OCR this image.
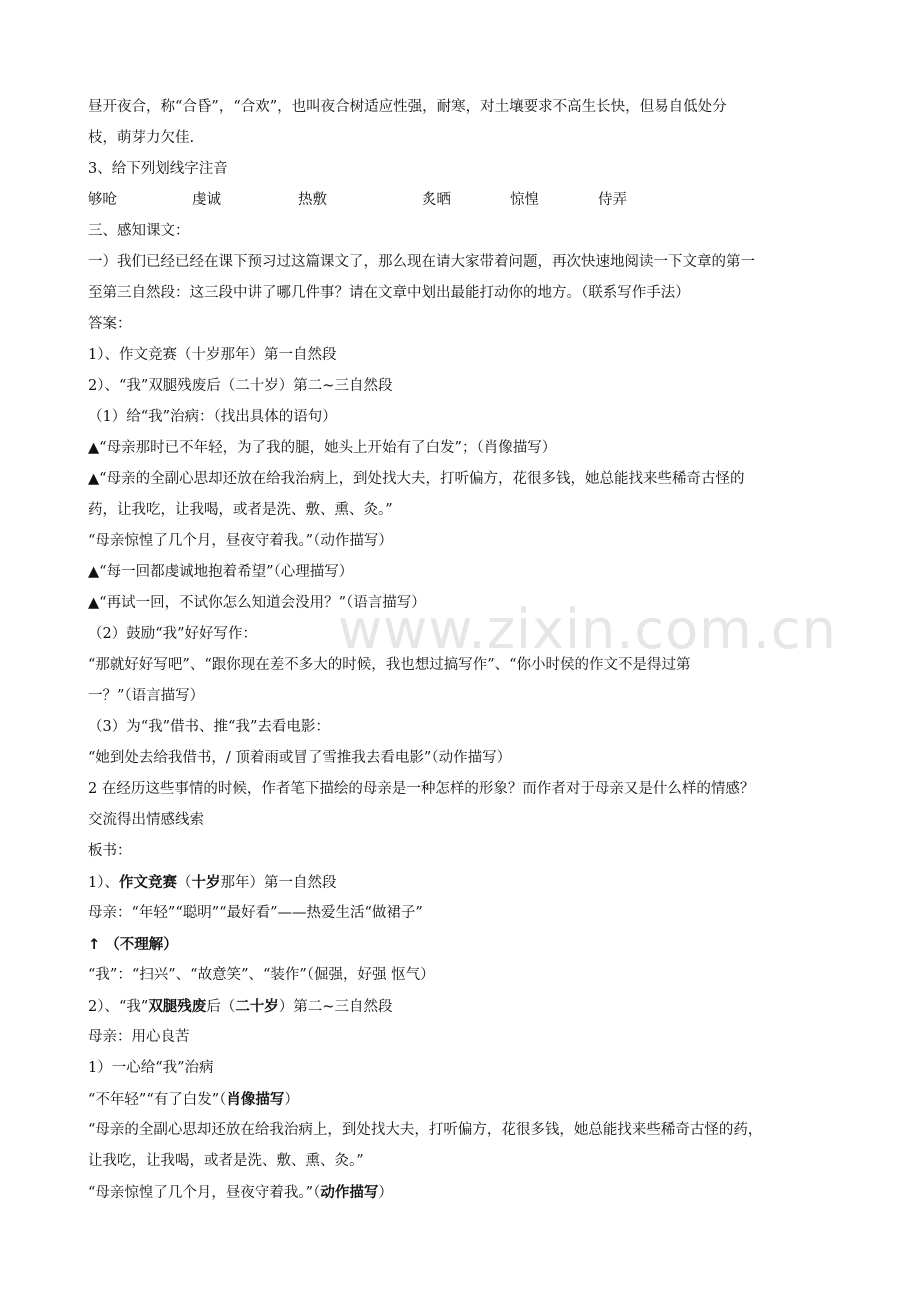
www.zixin.com.cn
昼开夜合，称“合昏”，“合欢”，也叫夜合树适应性强，耐寒，对土壤要求不高生长快，但易自低处分
枝，萌芽力欠佳.
3、给下列划线字注音
够呛	虔诚	热敷	炙晒	惊惶	侍弄
三、感知课文：
一）我们已经已经在课下预习过这篇课文了，那么现在请大家带着问题，再次快速地阅读一下文章的第一
至第三自然段：这三段中讲了哪几件事？请在文章中划出最能打动你的地方。（联系写作手法）
答案：
1）、作文竞赛（十岁那年）第一自然段
2）、“我”双腿残废后（二十岁）第二~三自然段
（1）给“我”治病：（找出具体的语句）
▲“母亲那时已不年轻，为了我的腿，她头上开始有了白发”；（肖像描写）
▲“母亲的全副心思却还放在给我治病上，到处找大夫，打听偏方，花很多钱，她总能找来些稀奇古怪的
药，让我吃，让我喝，或者是洗、敷、熏、灸。”
“母亲惊惶了几个月，昼夜守着我。”（动作描写）
▲“每一回都虔诚地抱着希望”（心理描写）
▲“再试一回，不试你怎么知道会没用？”（语言描写）
（2）鼓励“我”好好写作：
“那就好好写吧”、“跟你现在差不多大的时候，我也想过搞写作”、“你小时侯的作文不是得过第
一？”（语言描写）
（3）为“我”借书、推“我”去看电影：
“她到处去给我借书，/ 顶着雨或冒了雪推我去看电影”（动作描写）
2 在经历这些事情的时候，作者笔下描绘的母亲是一种怎样的形象？而作者对于母亲又是什么样的情感？
交流得出情感线索
板书：
1）、作文竞赛（十岁那年）第一自然段
母亲：“年轻”“聪明”“最好看”——热爱生活“做裙子”
↑ （不理解）
“我”：“扫兴”、“故意笑”、“装作”（倔强，好强 怄气）
2）、“我”双腿残废后（二十岁）第二~三自然段
母亲：用心良苦
1）一心给“我”治病
“不年轻”“有了白发”（肖像描写）
“母亲的全副心思却还放在给我治病上，到处找大夫，打听偏方，花很多钱，她总能找来些稀奇古怪的药，
让我吃，让我喝，或者是洗、敷、熏、灸。”
“母亲惊惶了几个月，昼夜守着我。”（动作描写）
